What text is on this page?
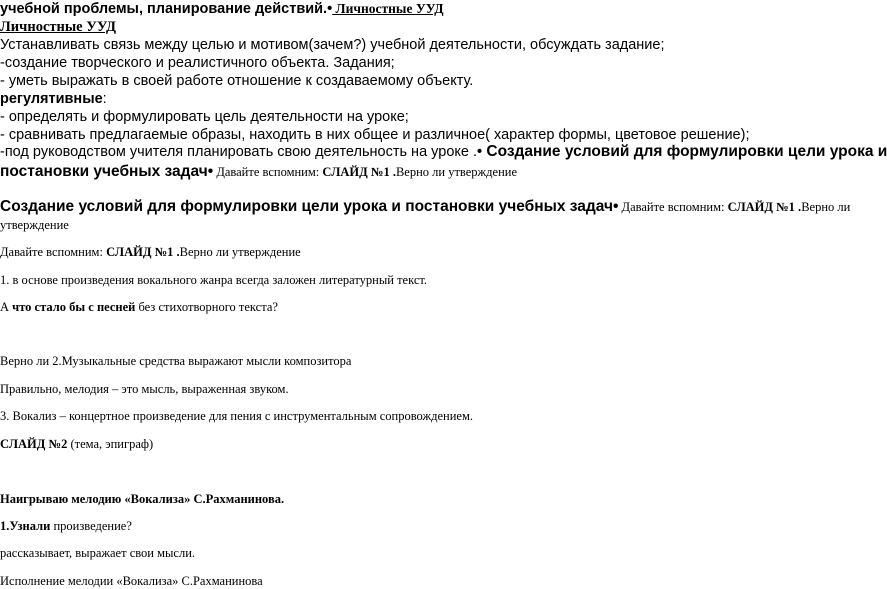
учебной проблемы, планирование действий.• Личностные УУД
Личностные УУД
Устанавливать связь между целью и мотивом(зачем?) учебной деятельности, обсуждать задание;
-создание творческого и реалистичного объекта. Задания;
- уметь выражать в своей работе отношение к создаваемому объекту.
регулятивные:
- определять и формулировать цель деятельности на уроке;
- сравнивать предлагаемые образы, находить в них общее и различное( характер формы, цветовое решение);
-под руководством учителя планировать свою деятельность на уроке .• Создание условий для формулировки цели урока и
постановки учебных задач• Давайте вспомним: СЛАЙД №1 .Верно ли утверждение
Создание условий для формулировки цели урока и постановки учебных задач• Давайте вспомним: СЛАЙД №1 .Верно ли
утверждение
Давайте вспомним: СЛАЙД №1 .Верно ли утверждение
1. в основе произведения вокального жанра всегда заложен литературный текст.
А что стало бы с песней без стихотворного текста?
Верно ли 2.Музыкальные средства выражают мысли композитора
Правильно, мелодия – это мысль, выраженная звуком.
3. Вокализ – концертное произведение для пения с инструментальным сопровождением.
СЛАЙД №2 (тема, эпиграф)
Наигрываю мелодию «Вокализа» С.Рахманинова.
1.Узнали произведение?
рассказывает, выражает свои мысли.
Исполнение мелодии «Вокализа» С.Рахманинова
